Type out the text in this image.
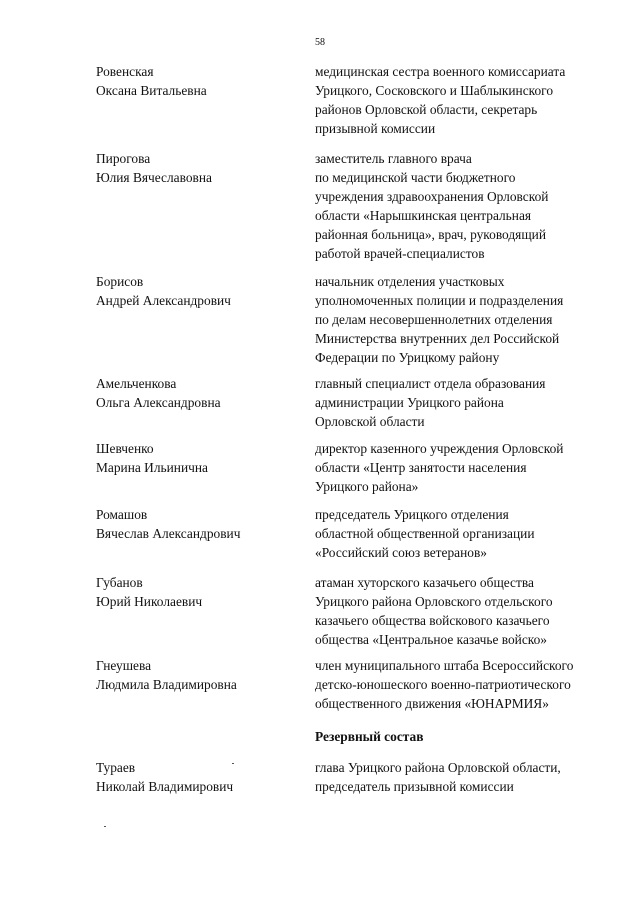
58
Ровенская
Оксана Витальевна
медицинская сестра военного комиссариата
Урицкого, Сосковского и Шаблыкинского
районов Орловской области, секретарь
призывной комиссии
Пирогова
Юлия Вячеславовна
заместитель главного врача
по медицинской части бюджетного
учреждения здравоохранения Орловской
области «Нарышкинская центральная
районная больница», врач, руководящий
работой врачей-специалистов
Борисов
Андрей Александрович
начальник отделения участковых
уполномоченных полиции и подразделения
по делам несовершеннолетних отделения
Министерства внутренних дел Российской
Федерации по Урицкому району
Амельченкова
Ольга Александровна
главный специалист отдела образования
администрации Урицкого района
Орловской области
Шевченко
Марина Ильинична
директор казенного учреждения Орловской
области «Центр занятости населения
Урицкого района»
Ромашов
Вячеслав Александрович
председатель Урицкого отделения
областной общественной организации
«Российский союз ветеранов»
Губанов
Юрий Николаевич
атаман хуторского казачьего общества
Урицкого района Орловского отдельского
казачьего общества войскового казачьего
общества «Центральное казачье войско»
Гнеушева
Людмила Владимировна
член муниципального штаба Всероссийского
детско-юношеского военно-патриотического
общественного движения «ЮНАРМИЯ»
Резервный состав
Тураев
Николай Владимирович
глава Урицкого района Орловской области,
председатель призывной комиссии
